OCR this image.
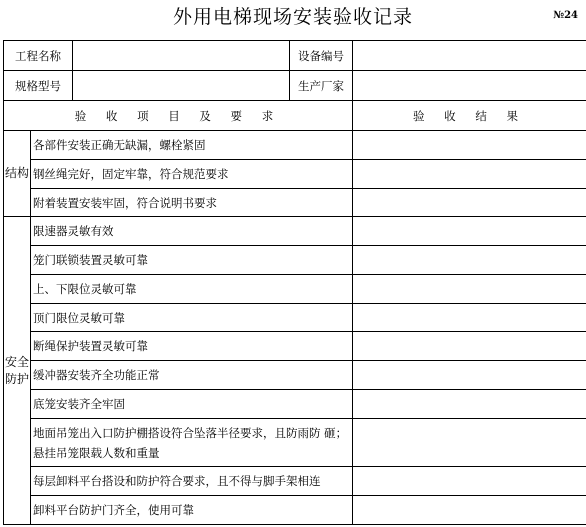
外用电梯现场安装验收记录	№24
工程名称			设备编号	
规格型号			生产厂家	
验 收 项 目 及 要 求				验 收 结 果
结构	各部件安装正确无缺漏，螺栓紧固			
	钢丝绳完好，固定牢靠，符合规范要求			
	附着装置安装牢固，符合说明书要求			
安全防护	限速器灵敏有效			
	笼门联锁装置灵敏可靠			
	上、下限位灵敏可靠			
	顶门限位灵敏可靠			
	断绳保护装置灵敏可靠			
	缓冲器安装齐全功能正常			
	底笼安装齐全牢固			
	地面吊笼出入口防护棚搭设符合坠落半径要求，且防雨防 砸；悬挂吊笼限载人数和重量			
	每层卸料平台搭设和防护符合要求，且不得与脚手架相连			
	卸料平台防护门齐全，使用可靠			
